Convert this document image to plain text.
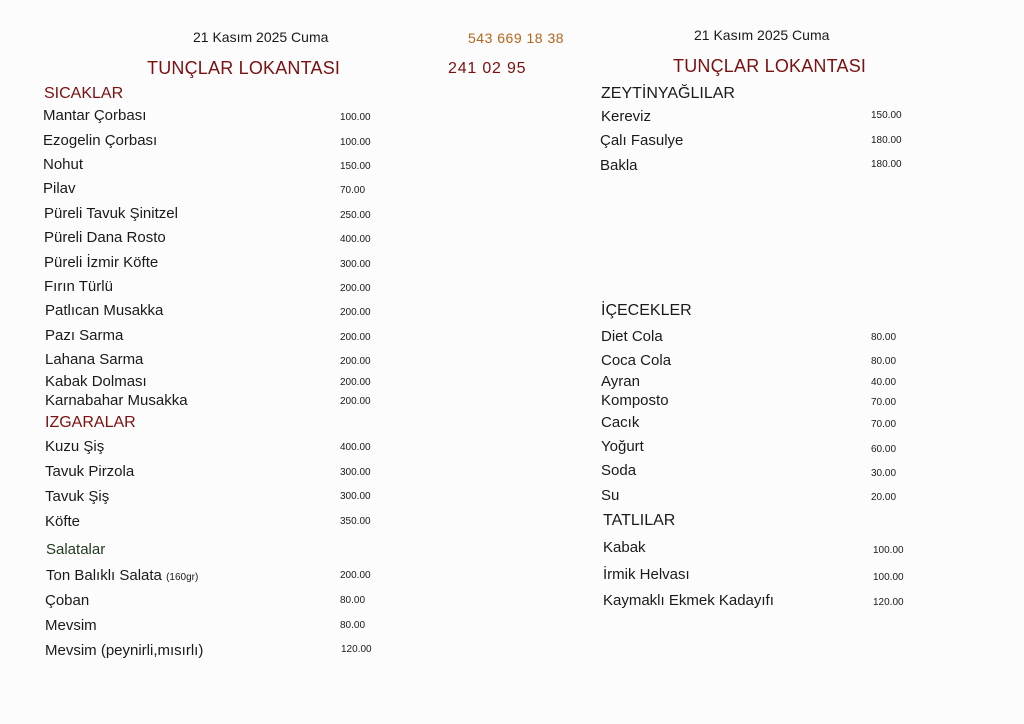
21 Kasım 2025 Cuma
TUNÇLAR LOKANTASI
543 669 18 38
241 02 95
21 Kasım 2025 Cuma
TUNÇLAR LOKANTASI
SICAKLAR
Mantar Çorbası	100.00
Ezogelin Çorbası	100.00
Nohut	150.00
Pilav	70.00
Püreli Tavuk Şinitzel	250.00
Püreli Dana Rosto	400.00
Püreli İzmir Köfte	300.00
Fırın Türlü	200.00
Patlıcan Musakka	200.00
Pazı Sarma	200.00
Lahana Sarma	200.00
Kabak Dolması	200.00
Karnabahar Musakka	200.00
IZGARALAR
Kuzu Şiş	400.00
Tavuk Pirzola	300.00
Tavuk Şiş	300.00
Köfte	350.00
Salatalar
Ton Balıklı Salata (160gr)	200.00
Çoban	80.00
Mevsim	80.00
Mevsim (peynirli,mısırlı)	120.00
ZEYTİNYAĞLILAR
Kereviz	150.00
Çalı Fasulye	180.00
Bakla	180.00
İÇECEKLER
Diet Cola	80.00
Coca Cola	80.00
Ayran	40.00
Komposto	70.00
Cacık	70.00
Yoğurt	60.00
Soda	30.00
Su	20.00
TATLILAR
Kabak	100.00
İrmik Helvası	100.00
Kaymaklı Ekmek Kadayıfı	120.00
